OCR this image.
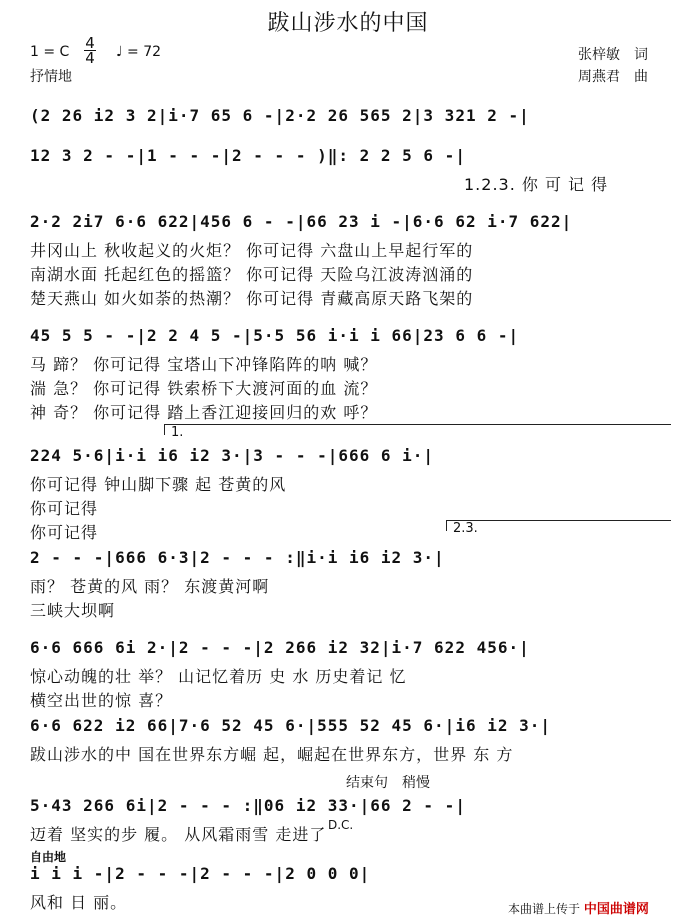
跋山涉水的中国
1 = C $\frac{4}{4}$ ♩ = 72
抒情地
张梓敏　词
周燕君　曲
(2 26 i2 3 2|i·7 65 6 -|2·2 26 565 2|3 321 2 -|
12 3 2 - -|1 - - -|2 - - - )‖: 2 2 5 6 -|
1.2.3. 你 可 记 得
2·2 2i7 6·6 622|456 6 - -|66 23 i -|6·6 62 i·7 622|
井冈山上 秋收起义的火炬？ 你可记得 六盘山上早起行军的
南湖水面 托起红色的摇篮？ 你可记得 天险乌江波涛汹涌的
楚天燕山 如火如荼的热潮？ 你可记得 青藏高原天路飞架的
45 5 5 - -|2 2 4 5 -|5·5 56 i·i i 66|23 6 6 -|
马 蹄？ 你可记得 宝塔山下冲锋陷阵的呐 喊？
湍 急？ 你可记得 铁索桥下大渡河面的血 流？
神 奇？ 你可记得 踏上香江迎接回归的欢 呼？
1.
224 5·6|i·i i6 i2 3·|3 - - -|666 6 i·|
你可记得 钟山脚下骤 起 苍黄的风
你可记得
你可记得	2.3.
2 - - -|666 6·3|2 - - - :‖i·i i6 i2 3·|
雨？ 苍黄的风 雨？ 东渡黄河啊
三峡大坝啊
6·6 666 6i 2·|2 - - -|2 266 i2 32|i·7 622 456·|
惊心动魄的壮 举？ 山记忆着历 史 水 历史着记 忆
横空出世的惊 喜？
6·6 622 i2 66|7·6 52 45 6·|555 52 45 6·|i6 i2 3·|
跋山涉水的中 国在世界东方崛 起，崛起在世界东方，世界 东 方
结束句　稍慢
5·43 266 6i|2 - - - :‖06 i2 33·|66 2 - -|
迈着 坚实的步 履。 从风霜雨雪 走进了 D.C.
自由地
i i i -|2 - - -|2 - - -|2 0 0 0|
风和 日 丽。	本曲谱上传于 中国曲谱网
